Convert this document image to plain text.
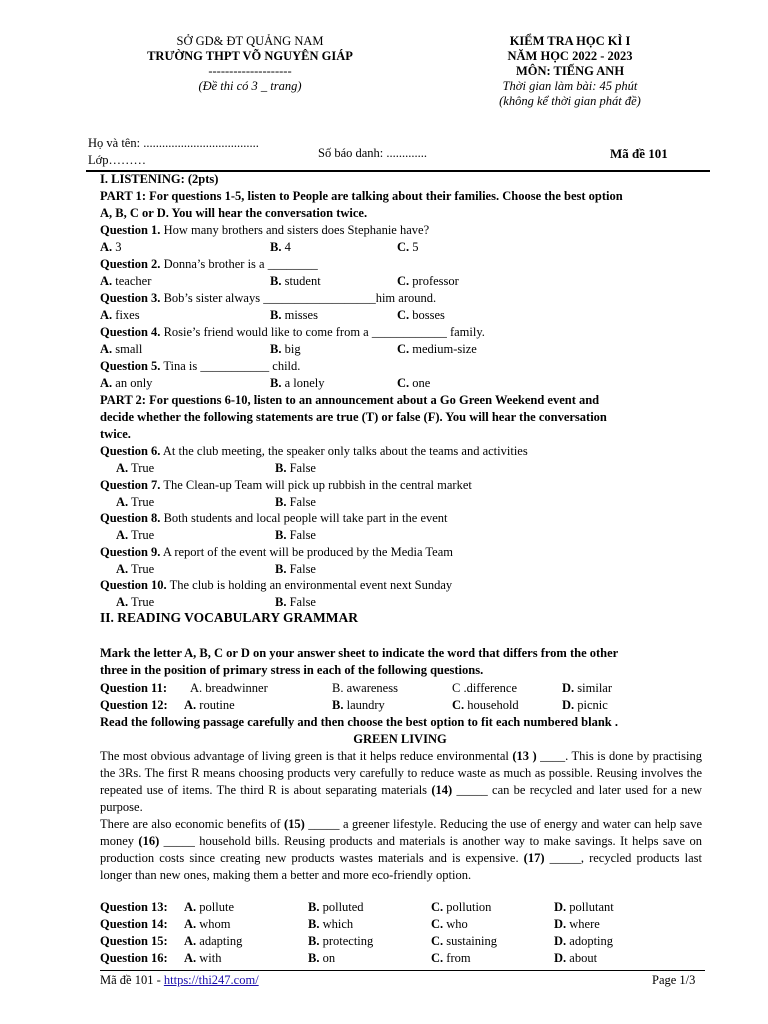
SỞ GD& ĐT QUẢNG NAM
TRƯỜNG THPT VÕ NGUYÊN GIÁP
--------------------
(Đề thi có 3 _ trang)
KIỂM TRA HỌC KÌ I
NĂM HỌC 2022 - 2023
MÔN: TIẾNG ANH
Thời gian làm bài: 45 phút
(không kể thời gian phát đề)
Họ và tên: .....................................
Lớp………	Số báo danh: .............	Mã đề 101
I. LISTENING: (2pts)
PART 1: For questions 1-5, listen to People are talking about their families. Choose the best option
A, B, C or D. You will hear the conversation twice.
Question 1. How many brothers and sisters does Stephanie have?
A. 3	B. 4	C. 5
Question 2. Donna’s brother is a ________
A. teacher	B. student	C. professor
Question 3. Bob’s sister always __________________him around.
A. fixes	B. misses	C. bosses
Question 4. Rosie’s friend would like to come from a ____________ family.
A. small	B. big	C. medium-size
Question 5. Tina is ___________ child.
A. an only	B. a lonely	C. one
PART 2: For questions 6-10, listen to an announcement about a Go Green Weekend event and
decide whether the following statements are true (T) or false (F). You will hear the conversation
twice.
Question 6. At the club meeting, the speaker only talks about the teams and activities
A. True	B. False
Question 7. The Clean-up Team will pick up rubbish in the central market
A. True	B. False
Question 8. Both students and local people will take part in the event
A. True	B. False
Question 9. A report of the event will be produced by the Media Team
A. True	B. False
Question 10. The club is holding an environmental event next Sunday
A. True	B. False
II. READING VOCABULARY GRAMMAR
Mark the letter A, B, C or D on your answer sheet to indicate the word that differs from the other
three in the position of primary stress in each of the following questions.
Question 11: A. breadwinner	B. awareness	C .difference	D. similar
Question 12: A. routine	B. laundry	C. household	D. picnic
Read the following passage carefully and then choose the best option to fit each numbered blank .
GREEN LIVING
The most obvious advantage of living green is that it helps reduce environmental (13 ) ____. This is done by practising the 3Rs. The first R means choosing products very carefully to reduce waste as much as possible. Reusing involves the repeated use of items. The third R is about separating materials (14) _____ can be recycled and later used for a new purpose.
There are also economic benefits of (15) _____ a greener lifestyle. Reducing the use of energy and water can help save money (16) _____ household bills. Reusing products and materials is another way to make savings. It helps save on production costs since creating new products wastes materials and is expensive. (17) _____, recycled products last longer than new ones, making them a better and more eco-friendly option.
Question 13: A. pollute	B. polluted	C. pollution	D. pollutant
Question 14: A. whom	B. which	C. who	D. where
Question 15: A. adapting	B. protecting	C. sustaining	D. adopting
Question 16: A. with	B. on	C. from	D. about
Mã đề 101 - https://thi247.com/	Page 1/3
